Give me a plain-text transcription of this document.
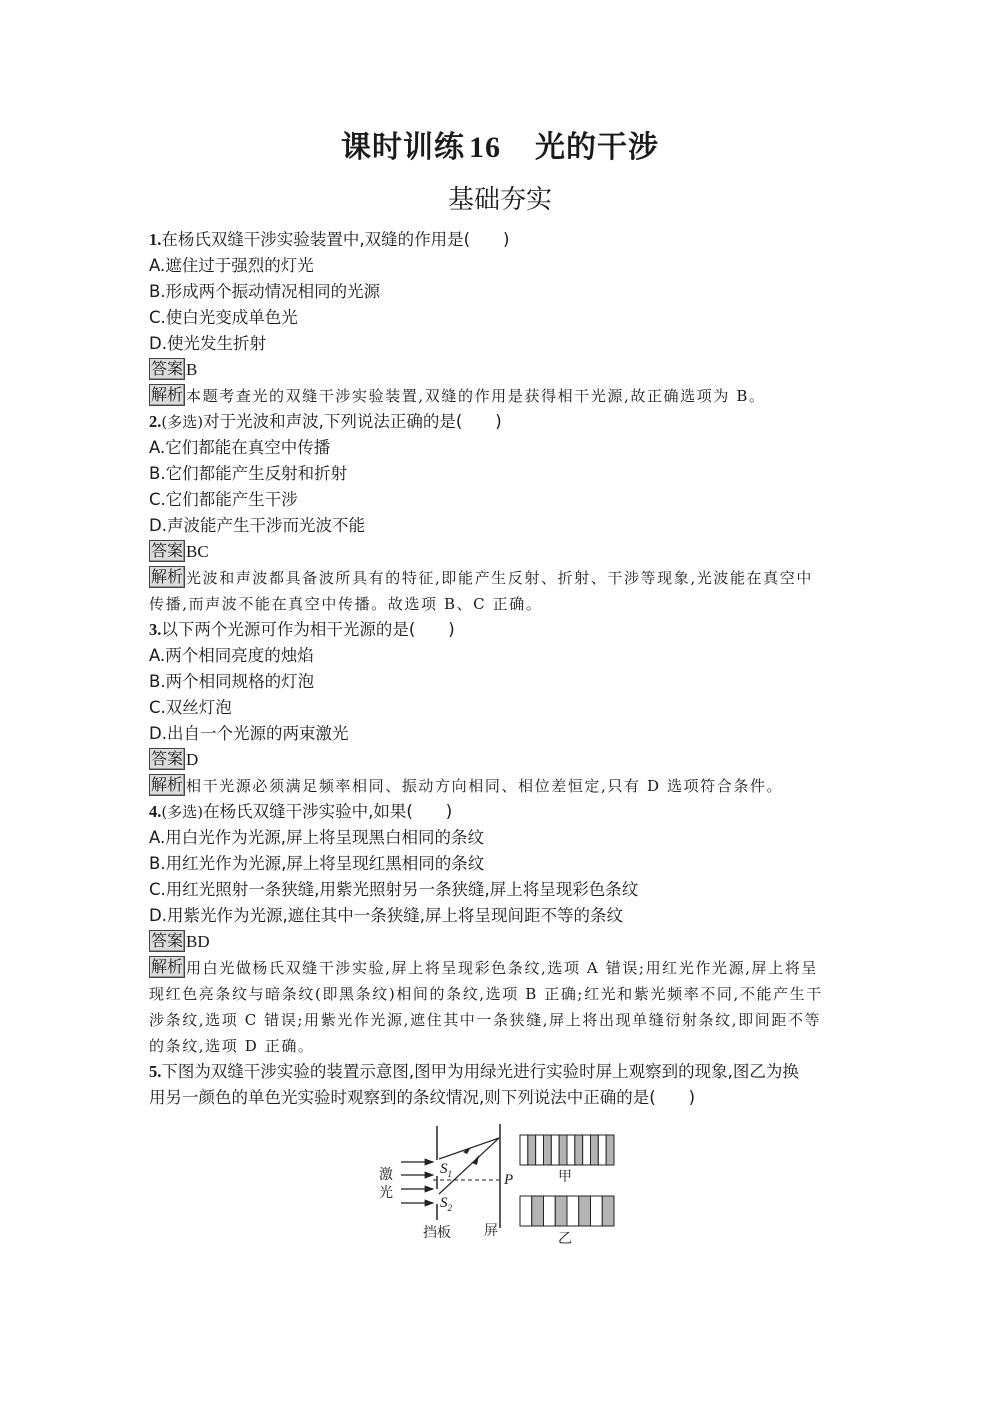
课时训练 16 光的干涉
基础夯实
1.在杨氏双缝干涉实验装置中,双缝的作用是(　　)
A.遮住过于强烈的灯光
B.形成两个振动情况相同的光源
C.使白光变成单色光
D.使光发生折射
答案 B
解析 本题考查光的双缝干涉实验装置,双缝的作用是获得相干光源,故正确选项为 B。
2.(多选)对于光波和声波,下列说法正确的是(　　)
A.它们都能在真空中传播
B.它们都能产生反射和折射
C.它们都能产生干涉
D.声波能产生干涉而光波不能
答案 BC
解析 光波和声波都具备波所具有的特征,即能产生反射、折射、干涉等现象,光波能在真空中
传播,而声波不能在真空中传播。故选项 B、C 正确。
3.以下两个光源可作为相干光源的是(　　)
A.两个相同亮度的烛焰
B.两个相同规格的灯泡
C.双丝灯泡
D.出自一个光源的两束激光
答案 D
解析 相干光源必须满足频率相同、振动方向相同、相位差恒定,只有 D 选项符合条件。
4.(多选)在杨氏双缝干涉实验中,如果(　　)
A.用白光作为光源,屏上将呈现黑白相同的条纹
B.用红光作为光源,屏上将呈现红黑相同的条纹
C.用红光照射一条狭缝,用紫光照射另一条狭缝,屏上将呈现彩色条纹
D.用紫光作为光源,遮住其中一条狭缝,屏上将呈现间距不等的条纹
答案 BD
解析 用白光做杨氏双缝干涉实验,屏上将呈现彩色条纹,选项 A 错误;用红光作光源,屏上将呈
现红色亮条纹与暗条纹(即黑条纹)相间的条纹,选项 B 正确;红光和紫光频率不同,不能产生干
涉条纹,选项 C 错误;用紫光作光源,遮住其中一条狭缝,屏上将出现单缝衍射条纹,即间距不等
的条纹,选项 D 正确。
5.下图为双缝干涉实验的装置示意图,图甲为用绿光进行实验时屏上观察到的现象,图乙为换
用另一颜色的单色光实验时观察到的条纹情况,则下列说法中正确的是(　　)
激
光
$S_1$
$S_2$
P
挡板 屏
甲
乙
